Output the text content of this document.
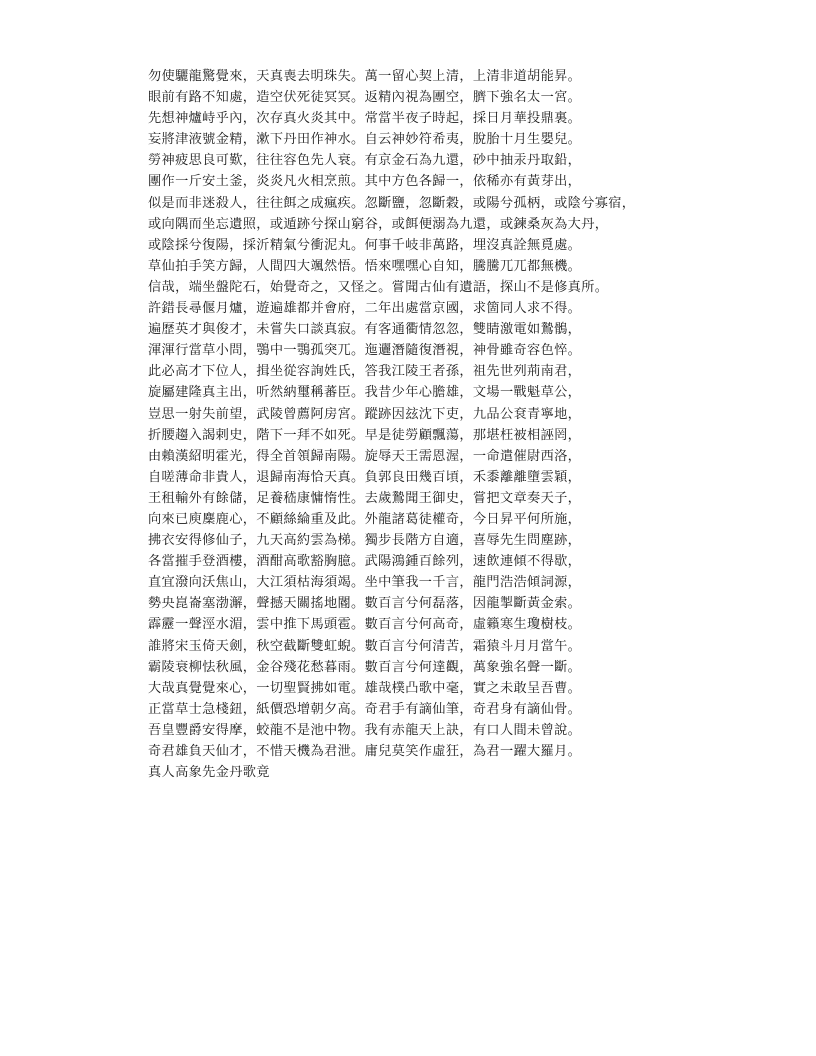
勿使驪龍驚覺來，天真喪去明珠失。萬一留心契上清，上清非道胡能昇。
眼前有路不知處，造空伏死徒冥冥。返精內視為團空，臍下強名太一宮。
先想神爐峙乎內，次存真火炎其中。常當半夜子時起，採日月華投鼎裏。
妄將津液號金精，漱下丹田作神水。自云神妙符希夷，脫胎十月生嬰兒。
勞神疲思良可歎，往往容色先人衰。有京金石為九還，砂中抽汞丹取鉛，
團作一斤安土釜，炎炎凡火相烹煎。其中方色各歸一，依稀亦有黃芽出，
似是而非迷殺人，往往餌之成瘋疾。忽斷鹽，忽斷穀，或陽兮孤柄，或陰兮寡宿，
或向隅而坐忘遺照，或遁跡兮探山窮谷，或餌便溺為九還，或鍊桑灰為大丹，
或陰採兮復陽，採沂精氣兮衝泥丸。何事千岐非萬路，埋沒真詮無覓處。
草仙拍手笑方歸，人間四大颯然悟。悟來嘿嘿心自知，騰騰兀兀都無機。
信哉，端坐盤陀石，始覺奇之，又怪之。嘗聞古仙有遺語，探山不是修真所。
許錯長尋偃月爐，遊遍雄都并會府，二年出處當京國，求箇同人求不得。
遍歷英才與俊才，未嘗失口談真寂。有客通衢情忽忽，雙睛激電如鷙鶻，
渾渾行當草小問，鶚中一鶚孤突兀。迤邐潛隨復潛視，神骨雖奇容色悴。
此必高才下位人，揖坐從容詢姓氏，答我江陵王者孫，祖先世列荊南君，
旋屬建隆真主出，听然納璽稱蕃臣。我昔少年心膽雄，文場一戰魁草公，
豈思一射失前望，武陵曾薦阿房宮。蹤跡因玆沈下吏，九品公袞青寧地，
折腰趨入謁剌史，階下一拜不如死。早是徒勞顧飄蕩，那堪枉被相誣罔，
由賴漢紹明霍光，得全首領歸南陽。旋辱天王需恩渥，一命遣催尉西洛，
自嗟薄命非貴人，退歸南海恰天真。負郭良田幾百頃，禾黍離離墮雲穎，
王租輸外有餘儲，足養嵇康慵惰性。去歲鷙聞王御史，嘗把文章奏天子，
向來已庾麇鹿心，不顧絲綸重及此。外龍諸葛徒權奇，今日昇平何所施，
拂衣安得修仙子，九天高約雲為梯。獨步長階方自適，喜辱先生問塵跡，
各當摧手登酒樓，酒酣高歌豁胸臆。武陽鴻鍾百餘列，速飲連傾不得歇，
直宜潑向沃焦山，大江須枯海須竭。坐中筆我一千言，龍門浩浩傾詞源，
勢央崑崙塞渤澥，聲撼天關搖地閽。數百言兮何磊落，因龍掣斷黃金索。
霹靂一聲涇水湄，雲中推下馬頭雹。數百言兮何高奇，虛籟寒生瓊樹枝。
誰將宋玉倚天劍，秋空截斷雙虹蜺。數百言兮何清苦，霜猿斗月月當午。
霸陵衰柳怯秋風，金谷殘花愁暮雨。數百言兮何達觀，萬象強名聲一斷。
大哉真覺覺來心，一切聖賢拂如電。雄哉樸凸歌中毫，實之未敢呈吾曹。
正當草士急棧鈕，紙價恐增朝夕高。奇君手有謫仙筆，奇君身有謫仙骨。
吾皇豐爵安得摩，蛟龍不是池中物。我有赤龍天上訣，有口人間未曾說。
奇君雄負天仙才，不惜天機為君泄。庸兒莫笑作虛狂，為君一躍大羅月。
真人高象先金丹歌竟
